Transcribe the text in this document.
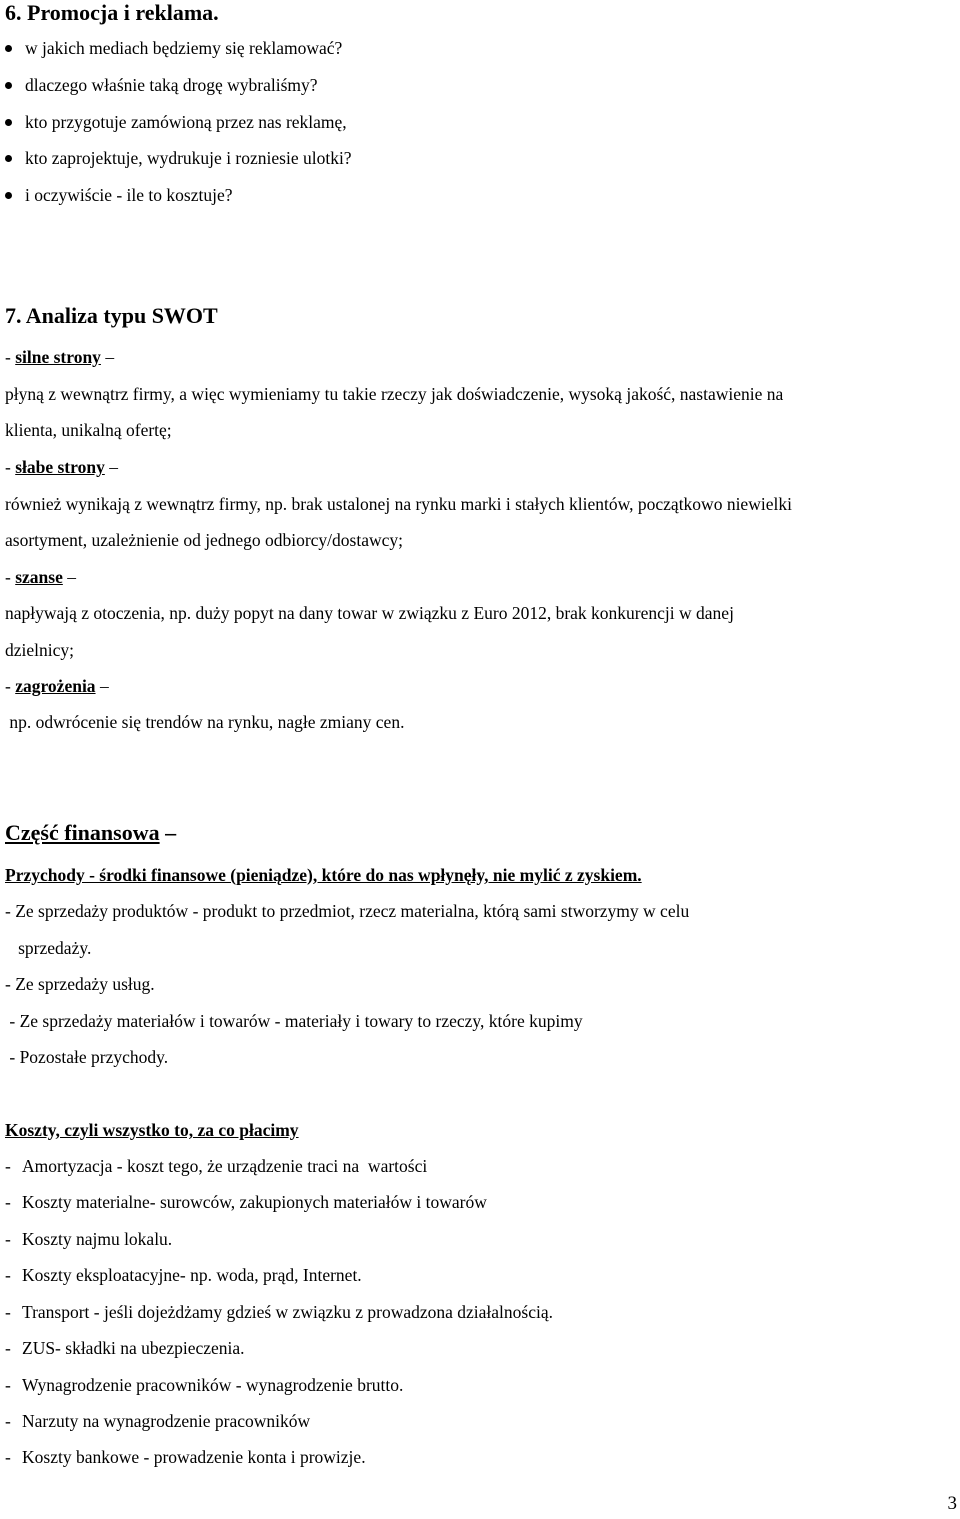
6. Promocja i reklama.
w jakich mediach będziemy się reklamować?
dlaczego właśnie taką drogę wybraliśmy?
kto przygotuje zamówioną przez nas reklamę,
kto zaprojektuje, wydrukuje i rozniesie ulotki?
i oczywiście - ile to kosztuje?
7. Analiza typu SWOT
- silne strony –
płyną z wewnątrz firmy, a więc wymieniamy tu takie rzeczy jak doświadczenie, wysoką jakość, nastawienie na
klienta, unikalną ofertę;
- słabe strony –
również wynikają z wewnątrz firmy, np. brak ustalonej na rynku marki i stałych klientów, początkowo niewielki
asortyment, uzależnienie od jednego odbiorcy/dostawcy;
- szanse –
napływają z otoczenia, np. duży popyt na dany towar w związku z Euro 2012, brak konkurencji w danej
dzielnicy;
- zagrożenia –
np. odwrócenie się trendów na rynku, nagłe zmiany cen.
Część finansowa –
Przychody - środki finansowe (pieniądze), które do nas wpłynęły, nie mylić z zyskiem.
- Ze sprzedaży produktów - produkt to przedmiot, rzecz materialna, którą sami stworzymy w celu
sprzedaży.
- Ze sprzedaży usług.
- Ze sprzedaży materiałów i towarów - materiały i towary to rzeczy, które kupimy
- Pozostałe przychody.
Koszty, czyli wszystko to, za co płacimy
- Amortyzacja - koszt tego, że urządzenie traci na  wartości
- Koszty materialne- surowców, zakupionych materiałów i towarów
- Koszty najmu lokalu.
- Koszty eksploatacyjne- np. woda, prąd, Internet.
- Transport - jeśli dojeżdżamy gdzieś w związku z prowadzona działalnością.
- ZUS- składki na ubezpieczenia.
- Wynagrodzenie pracowników - wynagrodzenie brutto.
- Narzuty na wynagrodzenie pracowników
- Koszty bankowe - prowadzenie konta i prowizje.
3
